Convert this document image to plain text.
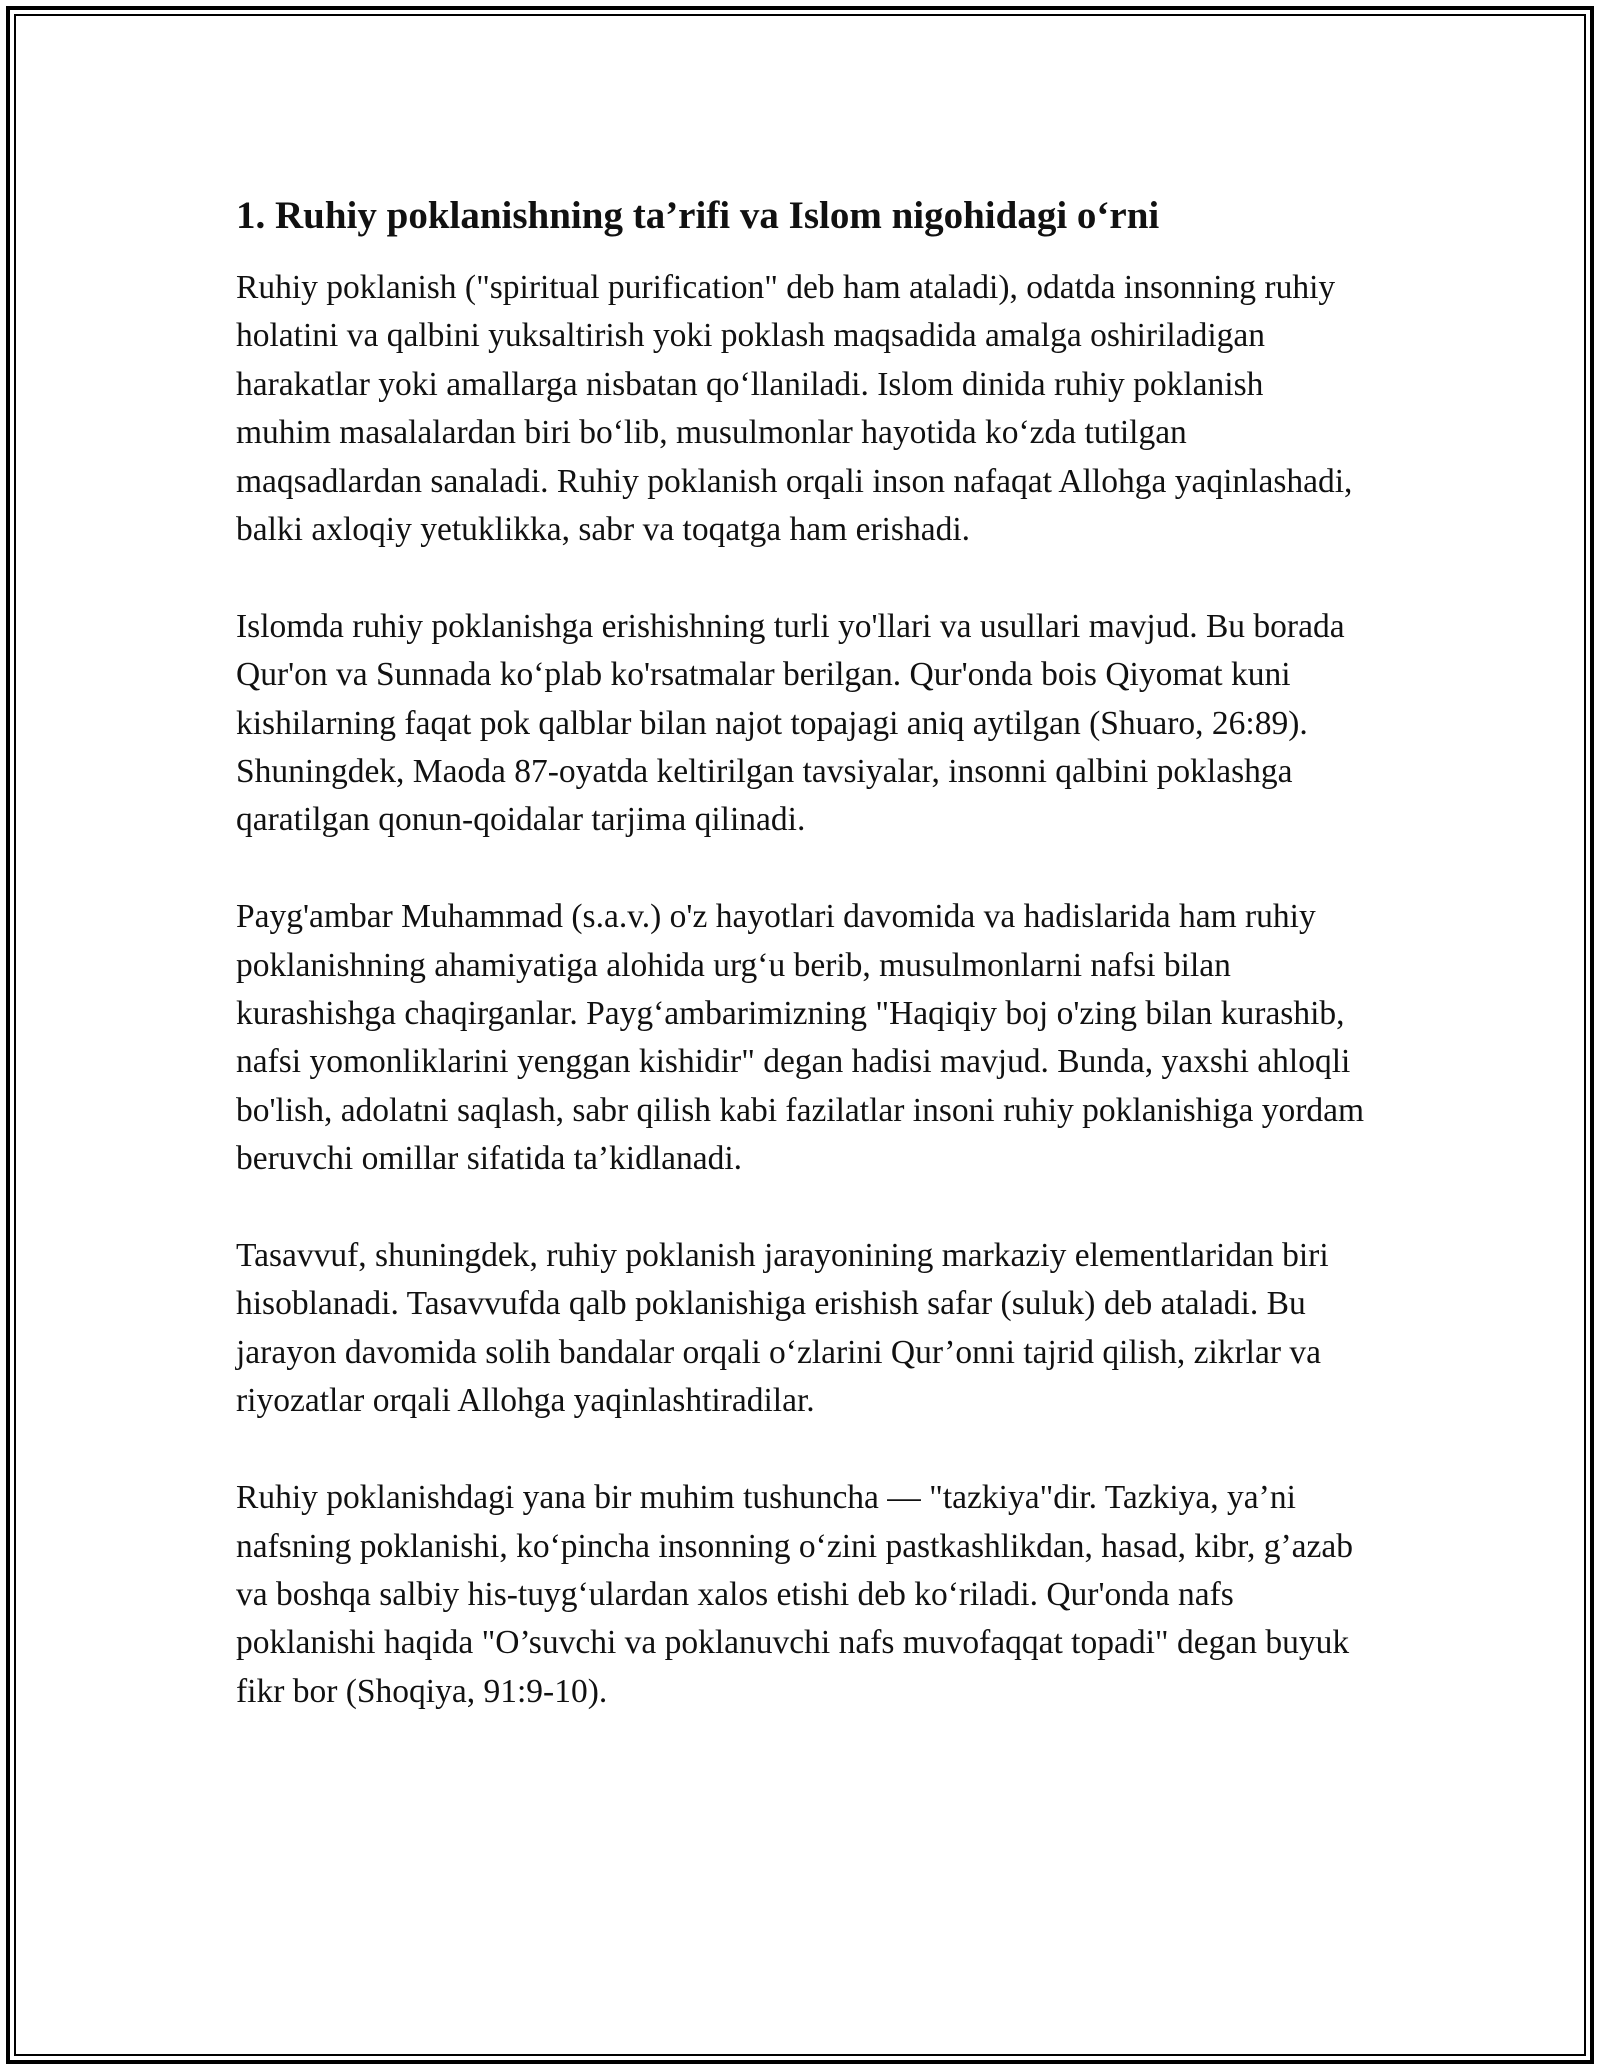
1. Ruhiy poklanishning ta’rifi va Islom nigohidagi o‘rni

Ruhiy poklanish ("spiritual purification" deb ham ataladi), odatda insonning ruhiy holatini va qalbini yuksaltirish yoki poklash maqsadida amalga oshiriladigan harakatlar yoki amallarga nisbatan qo‘llaniladi. Islom dinida ruhiy poklanish muhim masalalardan biri bo‘lib, musulmonlar hayotida ko‘zda tutilgan maqsadlardan sanaladi. Ruhiy poklanish orqali inson nafaqat Allohga yaqinlashadi, balki axloqiy yetuklikka, sabr va toqatga ham erishadi.

Islomda ruhiy poklanishga erishishning turli yo'llari va usullari mavjud. Bu borada Qur'on va Sunnada ko‘plab ko'rsatmalar berilgan. Qur'onda bois Qiyomat kuni kishilarning faqat pok qalblar bilan najot topajagi aniq aytilgan (Shuaro, 26:89). Shuningdek, Maoda 87-oyatda keltirilgan tavsiyalar, insonni qalbini poklashga qaratilgan qonun-qoidalar tarjima qilinadi.

Payg'ambar Muhammad (s.a.v.) o'z hayotlari davomida va hadislarida ham ruhiy poklanishning ahamiyatiga alohida urg‘u berib, musulmonlarni nafsi bilan kurashishga chaqirganlar. Payg‘ambarimizning "Haqiqiy boj o'zing bilan kurashib, nafsi yomonliklarini yenggan kishidir" degan hadisi mavjud. Bunda, yaxshi ahloqli bo'lish, adolatni saqlash, sabr qilish kabi fazilatlar insoni ruhiy poklanishiga yordam beruvchi omillar sifatida ta’kidlanadi.

Tasavvuf, shuningdek, ruhiy poklanish jarayonining markaziy elementlaridan biri hisoblanadi. Tasavvufda qalb poklanishiga erishish safar (suluk) deb ataladi. Bu jarayon davomida solih bandalar orqali o‘zlarini Qur’onni tajrid qilish, zikrlar va riyozatlar orqali Allohga yaqinlashtiradilar.

Ruhiy poklanishdagi yana bir muhim tushuncha — "tazkiya"dir. Tazkiya, ya’ni nafsning poklanishi, ko‘pincha insonning o‘zini pastkashlikdan, hasad, kibr, g’azab va boshqa salbiy his-tuyg‘ulardan xalos etishi deb ko‘riladi. Qur'onda nafs poklanishi haqida "O’suvchi va poklanuvchi nafs muvofaqqat topadi" degan buyuk fikr bor (Shoqiya, 91:9-10).
